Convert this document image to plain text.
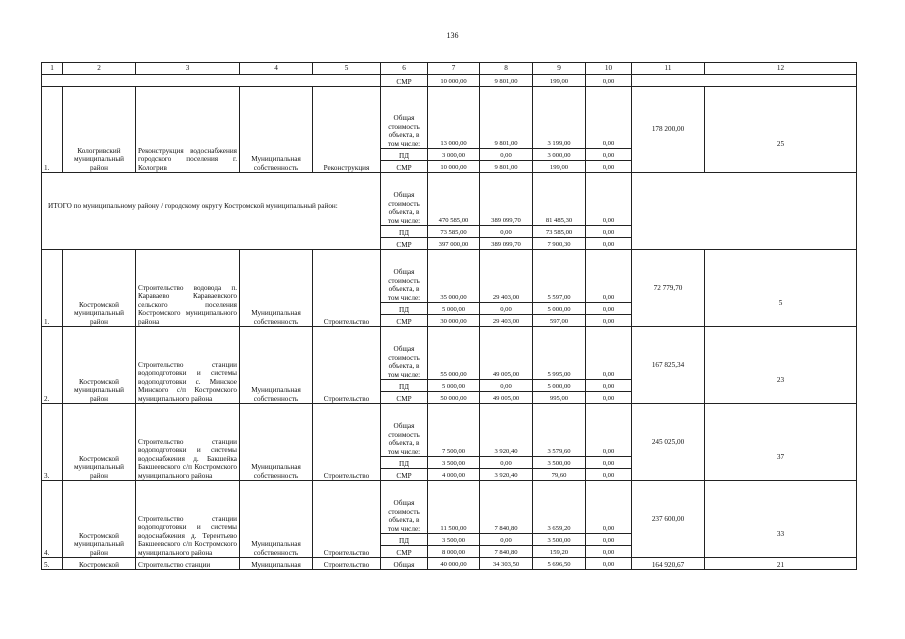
136
1	2	3	4	5	6	7	8	9	10	11	12
					СМР	10 000,00	9 801,00	199,00	0,00		
1.	Кологривский муниципальный район	Реконструкция водоснабжения городского поселения г. Кологрив	Муниципальная собственность	Реконструкция	Общая стоимость объекта, в том числе:	13 000,00	9 801,00	3 199,00	0,00	178 200,00	25
					ПД	3 000,00	0,00	3 000,00	0,00		
					СМР	10 000,00	9 801,00	199,00	0,00		
ИТОГО по муниципальному району / городскому округу Костромской муниципальный район:					Общая стоимость объекта, в том числе:	470 585,00	389 099,70	81 485,30	0,00		
					ПД	73 585,00	0,00	73 585,00	0,00		
					СМР	397 000,00	389 099,70	7 900,30	0,00		
1.	Костромской муниципальный район	Строительство водовода п. Караваево Караваевского сельского поселения Костромского муниципального района	Муниципальная собственность	Строительство	Общая стоимость объекта, в том числе:	35 000,00	29 403,00	5 597,00	0,00	72 779,70	5
					ПД	5 000,00	0,00	5 000,00	0,00		
					СМР	30 000,00	29 403,00	597,00	0,00		
2.	Костромской муниципальный район	Строительство станции водоподготовки и системы водоподготовки с. Минское Минского с/п Костромского муниципального района	Муниципальная собственность	Строительство	Общая стоимость объекта, в том числе:	55 000,00	49 005,00	5 995,00	0,00	167 825,34	23
					ПД	5 000,00	0,00	5 000,00	0,00		
					СМР	50 000,00	49 005,00	995,00	0,00		
3.	Костромской муниципальный район	Строительство станции водоподготовки и системы водоснабжения д. Бакшейка Бакшеевского с/п Костромского муниципального района	Муниципальная собственность	Строительство	Общая стоимость объекта, в том числе:	7 500,00	3 920,40	3 579,60	0,00	245 025,00	37
					ПД	3 500,00	0,00	3 500,00	0,00		
					СМР	4 000,00	3 920,40	79,60	0,00		
4.	Костромской муниципальный район	Строительство станции водоподготовки и системы водоснабжения д. Терентьево Бакшеевского с/п Костромского муниципального района	Муниципальная собственность	Строительство	Общая стоимость объекта, в том числе:	11 500,00	7 840,80	3 659,20	0,00	237 600,00	33
					ПД	3 500,00	0,00	3 500,00	0,00		
					СМР	8 000,00	7 840,80	159,20	0,00		
5.	Костромской	Строительство станции	Муниципальная	Строительство	Общая	40 000,00	34 303,50	5 696,50	0,00	164 920,67	21
